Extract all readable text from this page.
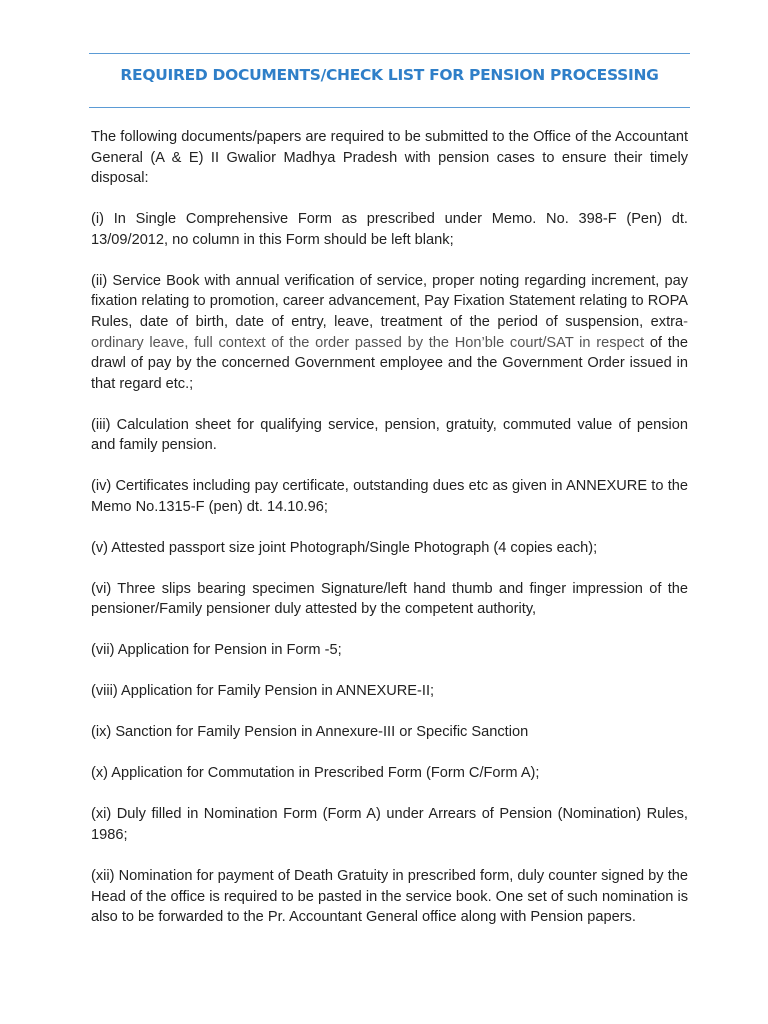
REQUIRED DOCUMENTS/CHECK LIST FOR PENSION PROCESSING

The following documents/papers are required to be submitted to the Office of the Accountant General (A & E) II Gwalior Madhya Pradesh with pension cases to ensure their timely disposal:

(i) In Single Comprehensive Form as prescribed under Memo. No. 398-F (Pen) dt. 13/09/2012, no column in this Form should be left blank;

(ii) Service Book with annual verification of service, proper noting regarding increment, pay fixation relating to promotion, career advancement, Pay Fixation Statement relating to ROPA Rules, date of birth, date of entry, leave, treatment of the period of suspension, extra-ordinary leave, full context of the order passed by the Hon’ble court/SAT in respect of the drawl of pay by the concerned Government employee and the Government Order issued in that regard etc.;

(iii) Calculation sheet for qualifying service, pension, gratuity, commuted value of pension and family pension.

(iv) Certificates including pay certificate, outstanding dues etc as given in ANNEXURE to the Memo No.1315-F (pen) dt. 14.10.96;

(v) Attested passport size joint Photograph/Single Photograph (4 copies each);

(vi) Three slips bearing specimen Signature/left hand thumb and finger impression of the pensioner/Family pensioner duly attested by the competent authority,

(vii) Application for Pension in Form -5;

(viii) Application for Family Pension in ANNEXURE-II;

(ix) Sanction for Family Pension in Annexure-III or Specific Sanction

(x) Application for Commutation in Prescribed Form (Form C/Form A);

(xi) Duly filled in Nomination Form (Form A) under Arrears of Pension (Nomination) Rules, 1986;

(xii) Nomination for payment of Death Gratuity in prescribed form, duly counter signed by the Head of the office is required to be pasted in the service book. One set of such nomination is also to be forwarded to the Pr. Accountant General office along with Pension papers.
